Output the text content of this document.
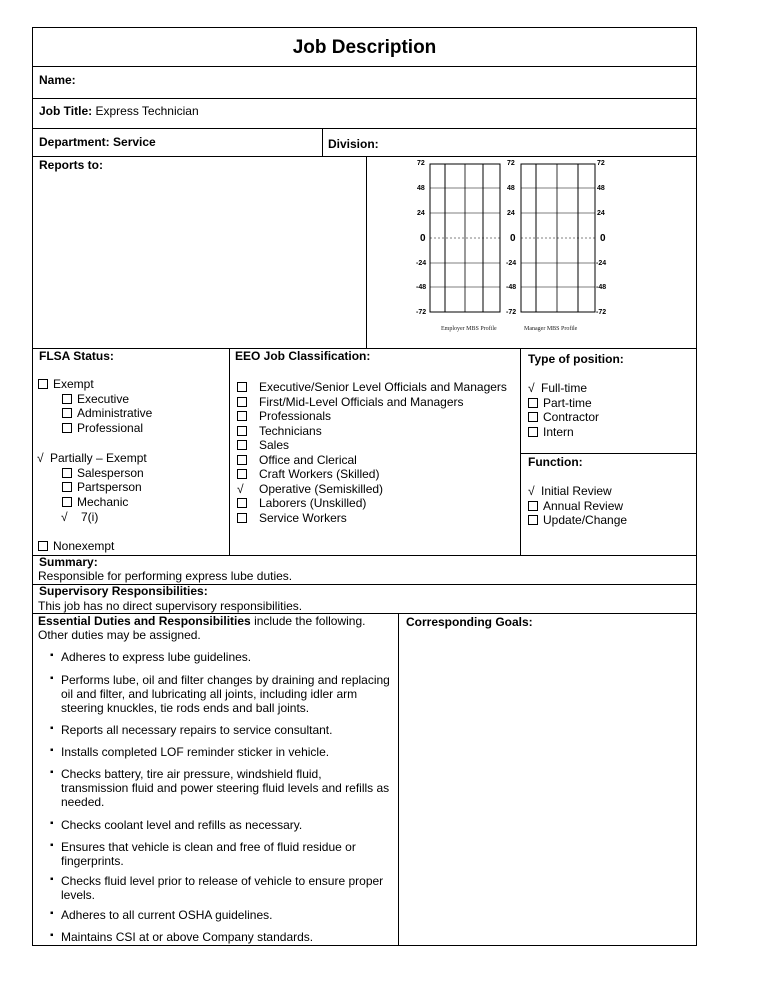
Job Description
Name:
Job Title: Express Technician
Department: Service	Division:
Reports to:	72	72	72
48	48	48
24	24	24
0	0	0
-24	-24	-24
-48	-48	-48
-72	-72	-72
Employer MBS Profile	Manager MBS Profile
FLSA Status:
Exempt
Executive
Administrative
Professional
√ Partially – Exempt
Salesperson
Partsperson
Mechanic
√ 7(i)
Nonexempt
EEO Job Classification:
Executive/Senior Level Officials and Managers
First/Mid-Level Officials and Managers
Professionals
Technicians
Sales
Office and Clerical
Craft Workers (Skilled)
√ Operative (Semiskilled)
Laborers (Unskilled)
Service Workers
Type of position:
√ Full-time
Part-time
Contractor
Intern
Function:
√ Initial Review
Annual Review
Update/Change
Summary:
Responsible for performing express lube duties.
Supervisory Responsibilities:
This job has no direct supervisory responsibilities.
Essential Duties and Responsibilities include the following.
Other duties may be assigned.
Corresponding Goals:
▪ Adheres to express lube guidelines.
▪ Performs lube, oil and filter changes by draining and replacing oil and filter, and lubricating all joints, including idler arm steering knuckles, tie rods ends and ball joints.
▪ Reports all necessary repairs to service consultant.
▪ Installs completed LOF reminder sticker in vehicle.
▪ Checks battery, tire air pressure, windshield fluid, transmission fluid and power steering fluid levels and refills as needed.
▪ Checks coolant level and refills as necessary.
▪ Ensures that vehicle is clean and free of fluid residue or fingerprints.
▪ Checks fluid level prior to release of vehicle to ensure proper levels.
▪ Adheres to all current OSHA guidelines.
▪ Maintains CSI at or above Company standards.
